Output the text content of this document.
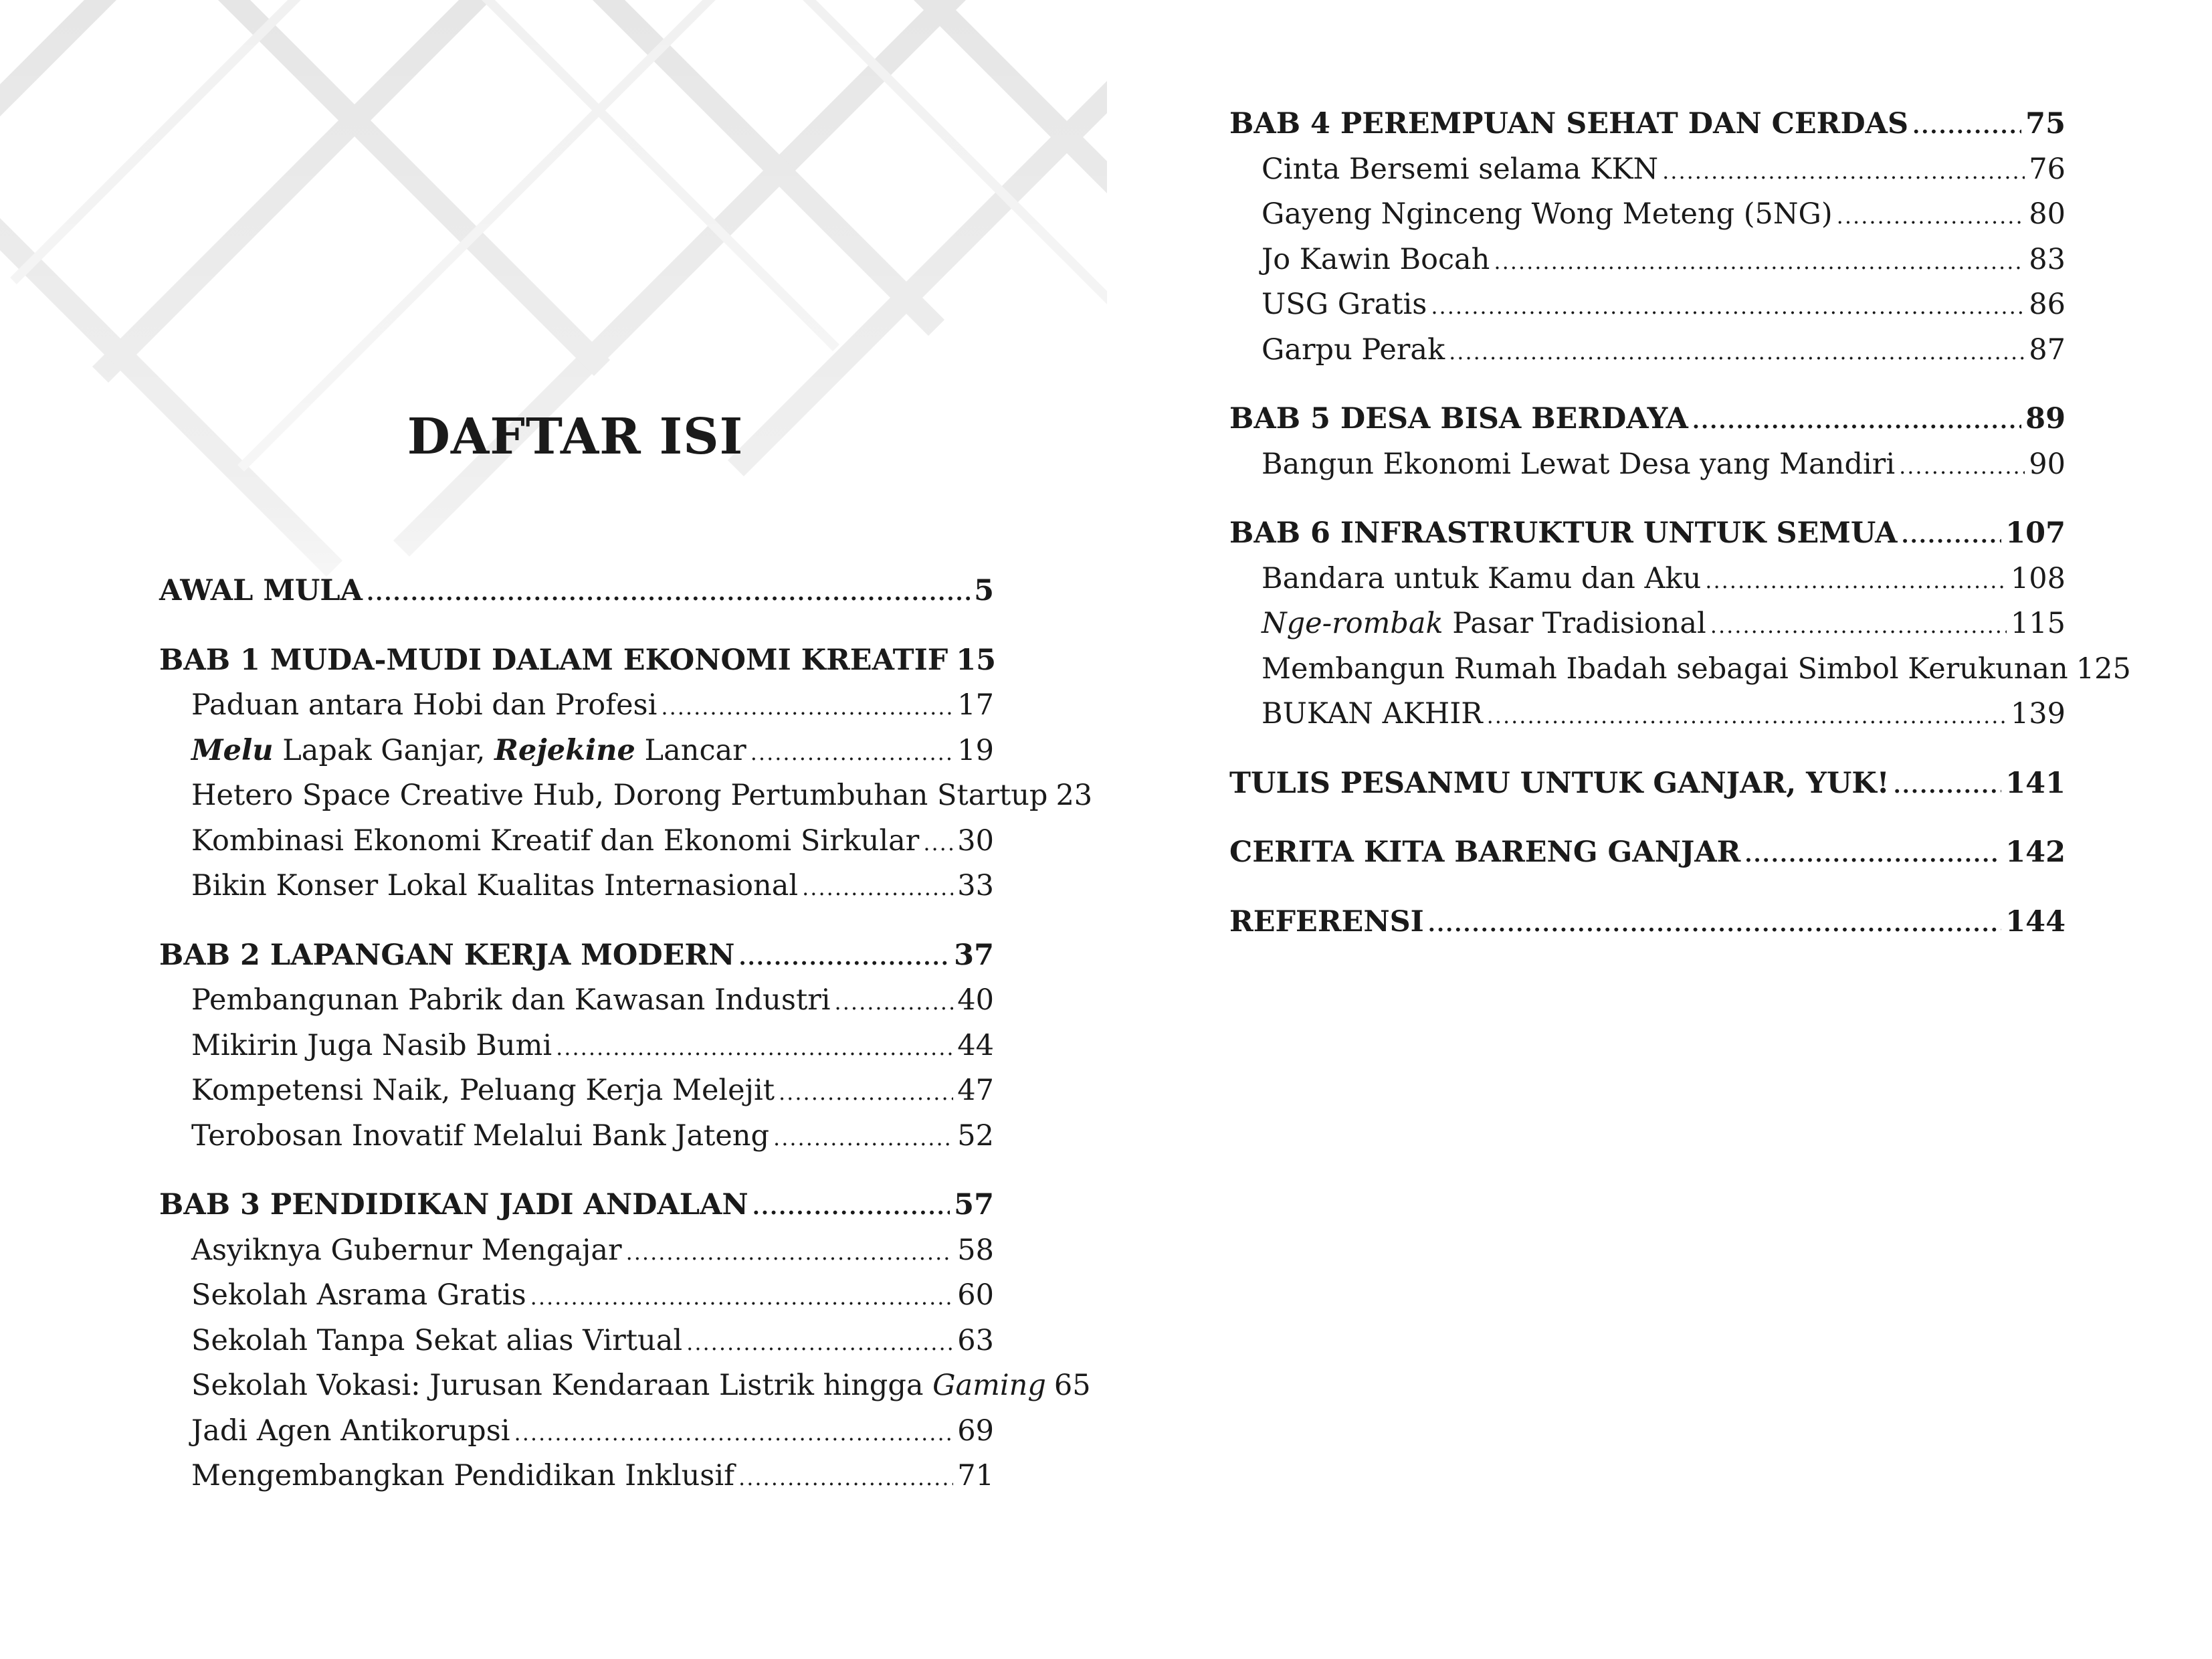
DAFTAR ISI
AWAL MULA .....	5
BAB 1 MUDA-MUDI DALAM EKONOMI KREATIF 15
Paduan antara Hobi dan Profesi .....	17
Melu Lapak Ganjar, Rejekine Lancar .....	19
Hetero Space Creative Hub, Dorong Pertumbuhan Startup 23
Kombinasi Ekonomi Kreatif dan Ekonomi Sirkular ..... 30
Bikin Konser Lokal Kualitas Internasional .....	33
BAB 2 LAPANGAN KERJA MODERN .....	37
Pembangunan Pabrik dan Kawasan Industri .....	40
Mikirin Juga Nasib Bumi .....	44
Kompetensi Naik, Peluang Kerja Melejit .....	47
Terobosan Inovatif Melalui Bank Jateng .....	52
BAB 3 PENDIDIKAN JADI ANDALAN .....	57
Asyiknya Gubernur Mengajar .....	58
Sekolah Asrama Gratis .....	60
Sekolah Tanpa Sekat alias Virtual .....	63
Sekolah Vokasi: Jurusan Kendaraan Listrik hingga Gaming 65
Jadi Agen Antikorupsi .....	69
Mengembangkan Pendidikan Inklusif .....	71
BAB 4 PEREMPUAN SEHAT DAN CERDAS .....	75
Cinta Bersemi selama KKN .....	76
Gayeng Nginceng Wong Meteng (5NG) .....	80
Jo Kawin Bocah .....	83
USG Gratis .....	86
Garpu Perak .....	87
BAB 5 DESA BISA BERDAYA .....	89
Bangun Ekonomi Lewat Desa yang Mandiri .....	90
BAB 6 INFRASTRUKTUR UNTUK SEMUA .....	107
Bandara untuk Kamu dan Aku .....	108
Nge-rombak Pasar Tradisional .....	115
Membangun Rumah Ibadah sebagai Simbol Kerukunan 125
BUKAN AKHIR .....	139
TULIS PESANMU UNTUK GANJAR, YUK! .....	141
CERITA KITA BARENG GANJAR .....	142
REFERENSI .....	144
